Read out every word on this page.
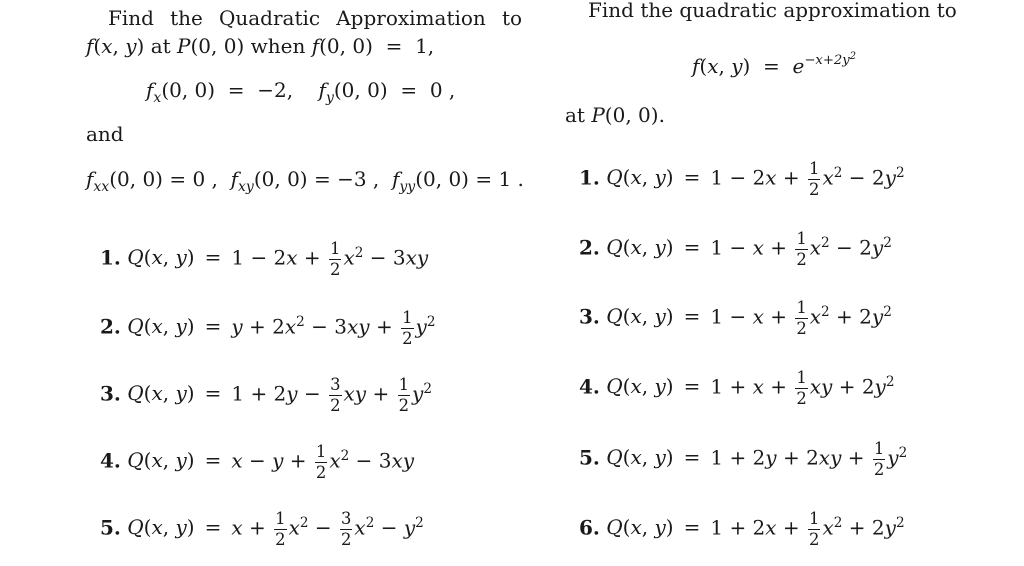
Find the Quadratic Approximation to
f(x, y) at P(0, 0) when f(0, 0)  =  1,
$f_x(0$, 0)  =  −2,    $f_y(0$, 0)  =  0 ,
and
$f_{xx}(0$, 0) = 0 ,  $f_{xy}(0$, 0) = −3 ,  $f_{yy}(0$, 0) = 1 .
1. Q(x, $y) = 1 - 2x + \frac{1}{2} x^2 - 3xy$
2. Q(x, $y) = y + 2x^2 - 3xy + \frac{1}{2} y^2$
3. Q(x, $y) = 1 + 2y - \frac{3}{2}$ xy + $\frac{1}{2} y^2$
4. Q(x, $y) = x - y + \frac{1}{2} x^2 - 3xy$
5. Q(x, $y) = x + \frac{1}{2} x^2 - \frac{3}{2} x^2 - y^2$
Find the quadratic approximation to
f(x, $y) = e^{-x+2y^2}$
at P(0, 0).
1. Q(x, $y) = 1 - 2x + \frac{1}{2} x^2 - 2y^2$
2. Q(x, $y) = 1 - x + \frac{1}{2} x^2 - 2y^2$
3. Q(x, $y) = 1 - x + \frac{1}{2} x^2 + 2y^2$
4. Q(x, $y) = 1 + x + \frac{1}{2}$ xy + $2y^2$
5. Q(x, $y) = 1 + 2y + 2xy + \frac{1}{2} y^2$
6. Q(x, $y) = 1 + 2x + \frac{1}{2} x^2 + 2y^2$
